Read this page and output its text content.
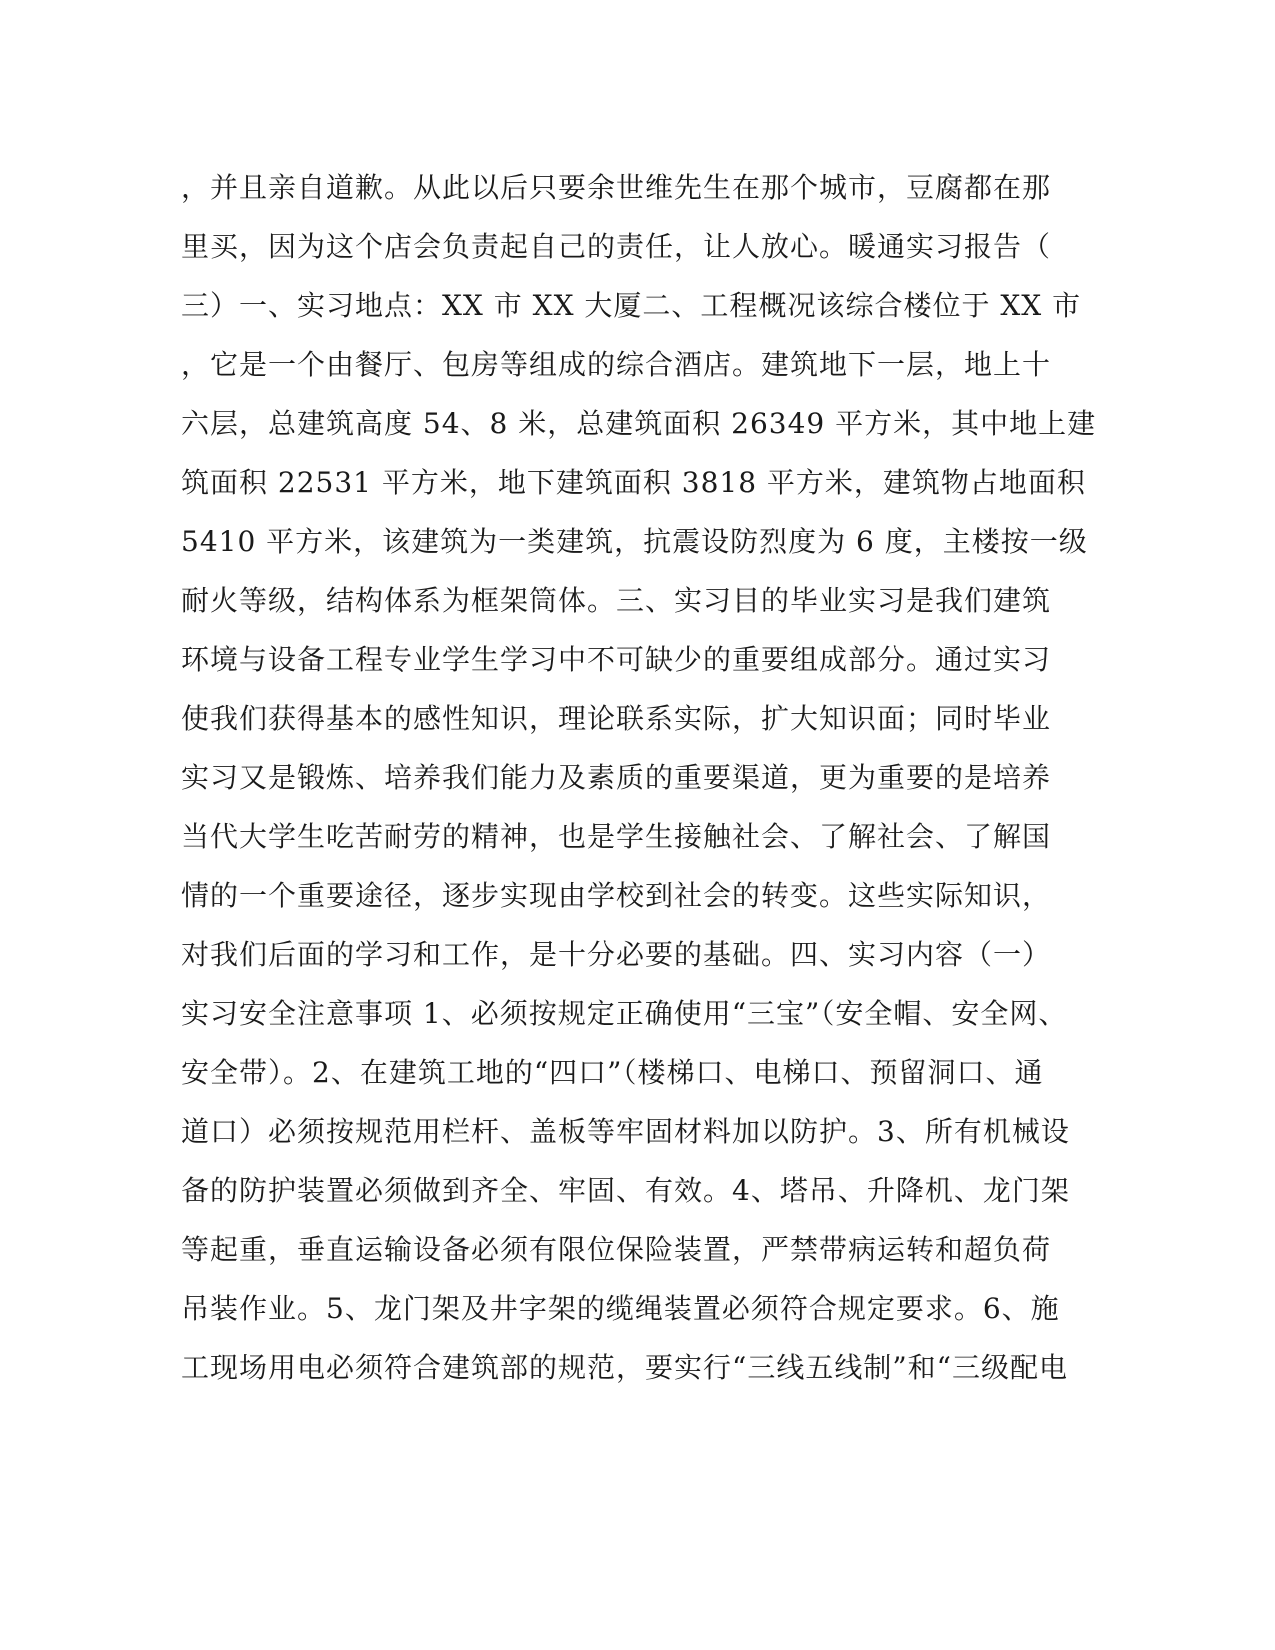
，并且亲自道歉。从此以后只要余世维先生在那个城市，豆腐都在那
里买，因为这个店会负责起自己的责任，让人放心。暖通实习报告（
三）一、实习地点：XX 市 XX 大厦二、工程概况该综合楼位于 XX 市
，它是一个由餐厅、包房等组成的综合酒店。建筑地下一层，地上十
六层，总建筑高度 54、8 米，总建筑面积 26349 平方米，其中地上建
筑面积 22531 平方米，地下建筑面积 3818 平方米，建筑物占地面积
5410 平方米，该建筑为一类建筑，抗震设防烈度为 6 度，主楼按一级
耐火等级，结构体系为框架筒体。三、实习目的毕业实习是我们建筑
环境与设备工程专业学生学习中不可缺少的重要组成部分。通过实习
使我们获得基本的感性知识，理论联系实际，扩大知识面；同时毕业
实习又是锻炼、培养我们能力及素质的重要渠道，更为重要的是培养
当代大学生吃苦耐劳的精神，也是学生接触社会、了解社会、了解国
情的一个重要途径，逐步实现由学校到社会的转变。这些实际知识，
对我们后面的学习和工作，是十分必要的基础。四、实习内容（一）
实习安全注意事项 1、必须按规定正确使用“三宝”（安全帽、安全网、
安全带）。2、在建筑工地的“四口”（楼梯口、电梯口、预留洞口、通
道口）必须按规范用栏杆、盖板等牢固材料加以防护。3、所有机械设
备的防护装置必须做到齐全、牢固、有效。4、塔吊、升降机、龙门架
等起重，垂直运输设备必须有限位保险装置，严禁带病运转和超负荷
吊装作业。5、龙门架及井字架的缆绳装置必须符合规定要求。6、施
工现场用电必须符合建筑部的规范，要实行“三线五线制”和“三级配电
